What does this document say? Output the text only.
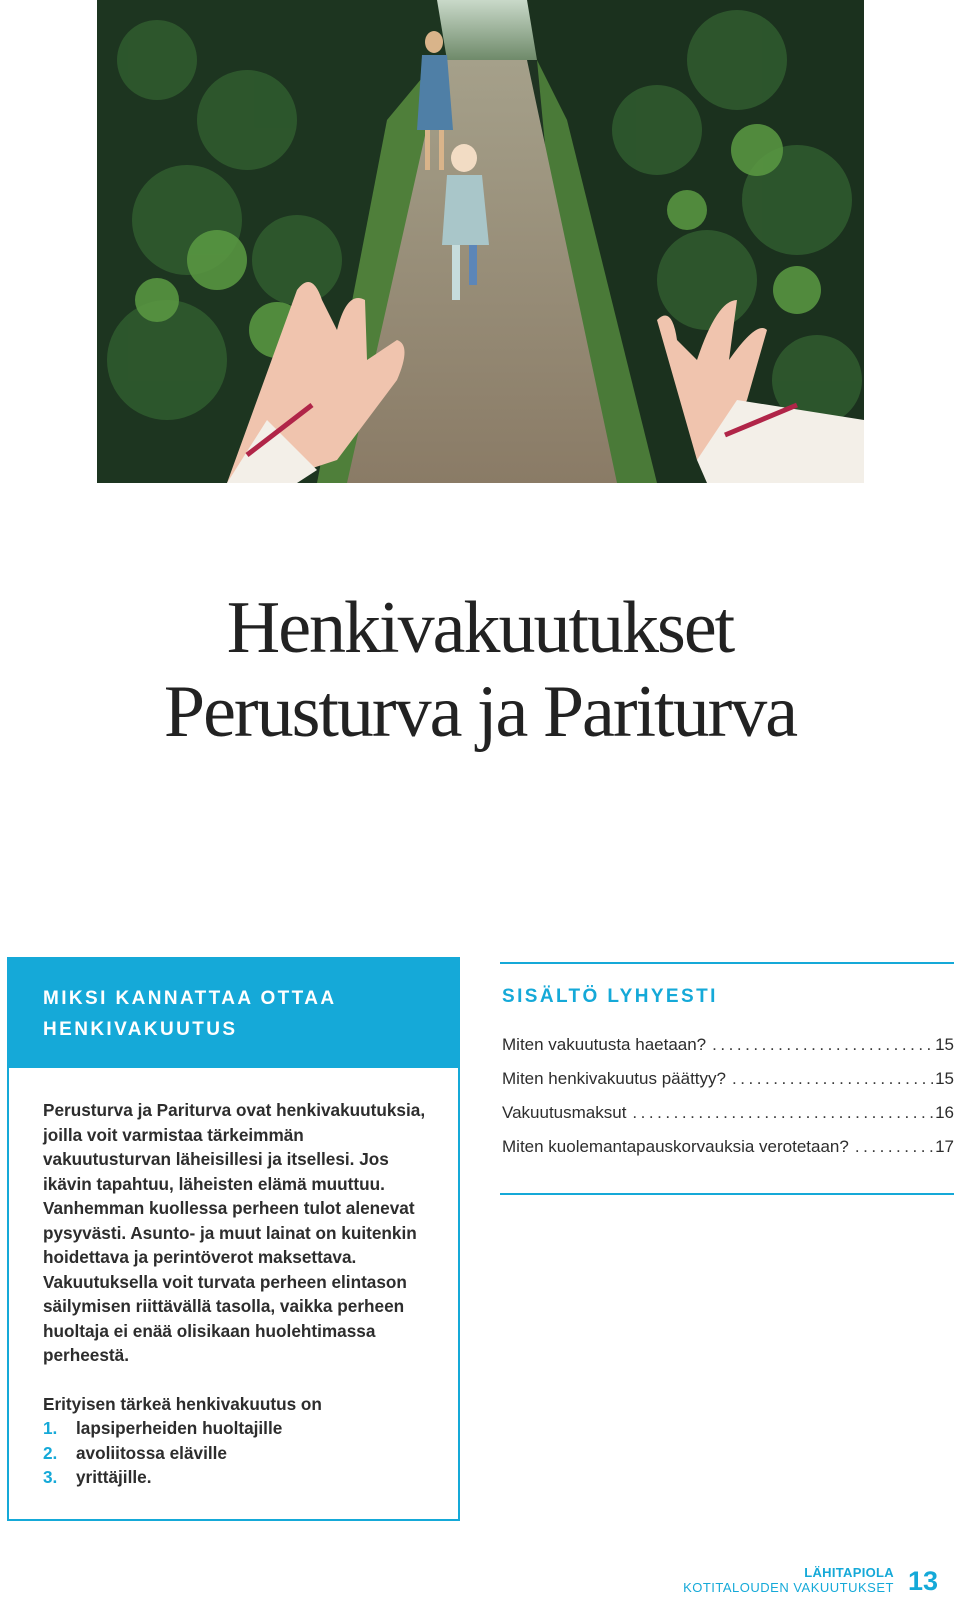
Henkivakuutukset
Perusturva ja Pariturva
MIKSI KANNATTAA OTTAA HENKIVAKUUTUS

Perusturva ja Pariturva ovat henkivakuutuksia, joilla voit varmistaa tärkeimmän vakuutusturvan läheisillesi ja itsellesi. Jos ikävin tapahtuu, läheisten elämä muuttuu. Vanhemman kuollessa perheen tulot alenevat pysyvästi. Asunto- ja muut lainat on kuitenkin hoidettava ja perintöverot maksettava. Vakuutuksella voit turvata perheen elintason säilymisen riittävällä tasolla, vaikka perheen huoltaja ei enää olisikaan huolehtimassa perheestä.

Erityisen tärkeä henkivakuutus on
1.	lapsiperheiden huoltajille
2.	avoliitossa eläville
3.	yrittäjille.
SISÄLTÖ LYHYESTI
Miten vakuutusta haetaan? . . .	15
Miten henkivakuutus päättyy? . . .	15
Vakuutusmaksut . . .	16
Miten kuolemantapauskorvauksia verotetaan? . . .	17
LÄHITAPIOLA
KOTITALOUDEN VAKUUTUKSET 13
